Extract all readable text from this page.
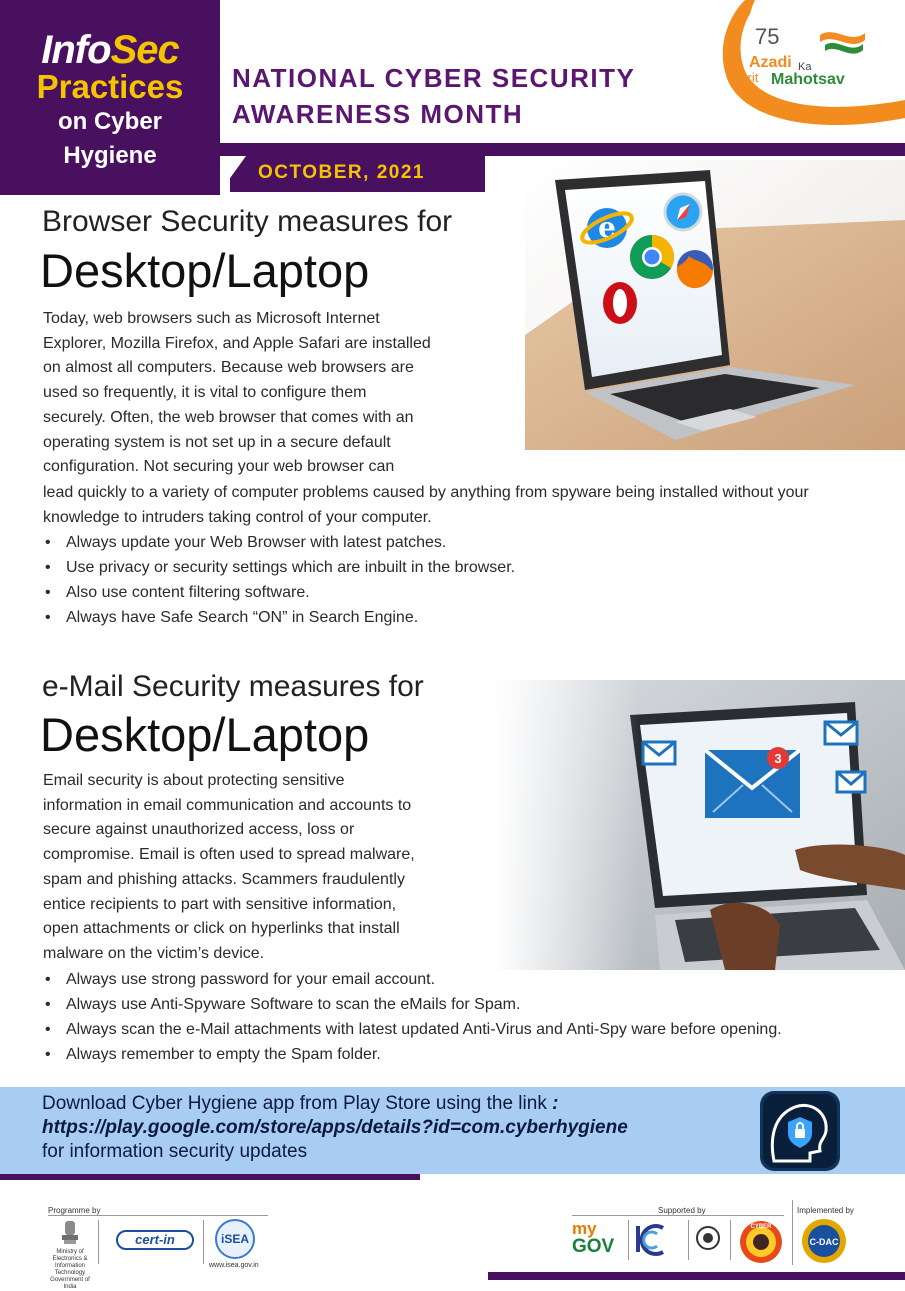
InfoSec
Practices
on Cyber
Hygiene
NATIONAL CYBER SECURITY
AWARENESS MONTH
OCTOBER, 2021
75
Azadi Ka
Amrit Mahotsav
Browser Security measures for
Desktop/Laptop
Today, web browsers such as Microsoft Internet
Explorer, Mozilla Firefox, and Apple Safari are installed
on almost all computers. Because web browsers are
used so frequently, it is vital to configure them
securely. Often, the web browser that comes with an
operating system is not set up in a secure default
configuration. Not securing your web browser can
lead quickly to a variety of computer problems caused by anything from spyware being installed without your knowledge to intruders taking control of your computer.
• Always update your Web Browser with latest patches.
• Use privacy or security settings which are inbuilt in the browser.
• Also use content filtering software.
• Always have Safe Search “ON” in Search Engine.
e
e-Mail Security measures for
Desktop/Laptop
Email security is about protecting sensitive
information in email communication and accounts to
secure against unauthorized access, loss or
compromise. Email is often used to spread malware,
spam and phishing attacks. Scammers fraudulently
entice recipients to part with sensitive information,
open attachments or click on hyperlinks that install
malware on the victim’s device.
• Always use strong password for your email account.
• Always use Anti-Spyware Software to scan the eMails for Spam.
• Always scan the e-Mail attachments with latest updated Anti-Virus and Anti-Spy ware before opening.
• Always remember to empty the Spam folder.
Download Cyber Hygiene app from Play Store using the link :
https://play.google.com/store/apps/details?id=com.cyberhygiene
for information security updates
Programme by
Ministry of Electronics & Information Technology Government of India
cert-in	iSEA
www.isea.gov.in
Supported by
my
GOV
CYBER
Implemented by
C-DAC
